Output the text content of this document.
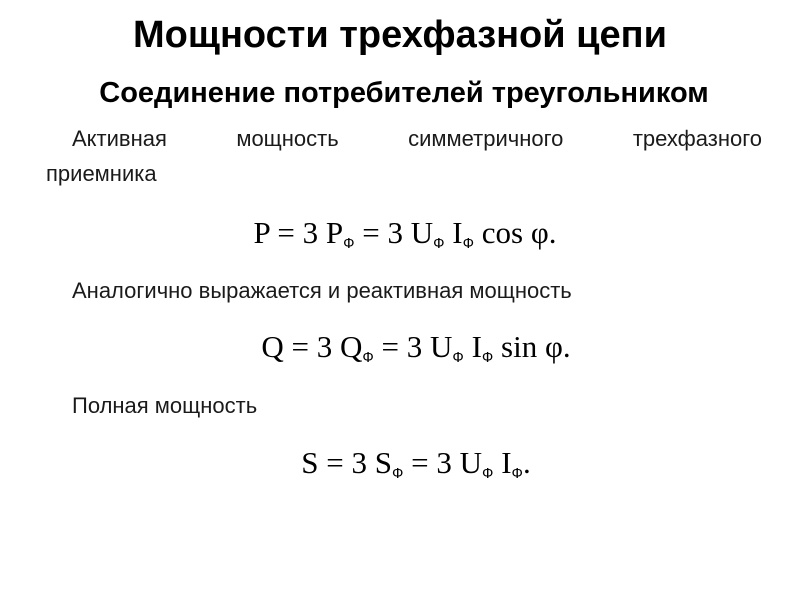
Мощности трехфазной цепи
Соединение потребителей треугольником

Активная мощность симметричного трехфазного

приемника

P = 3 $P_Ф = 3$ $U_Ф$ $I_Ф$ cos φ.

Аналогично выражается и реактивная мощность

Q = 3 $Q_Ф = 3$ $U_Ф$ $I_Ф$ sin φ.

Полная мощность

S = 3 $S_Ф = 3$ $U_Ф$ $I_Ф$.
